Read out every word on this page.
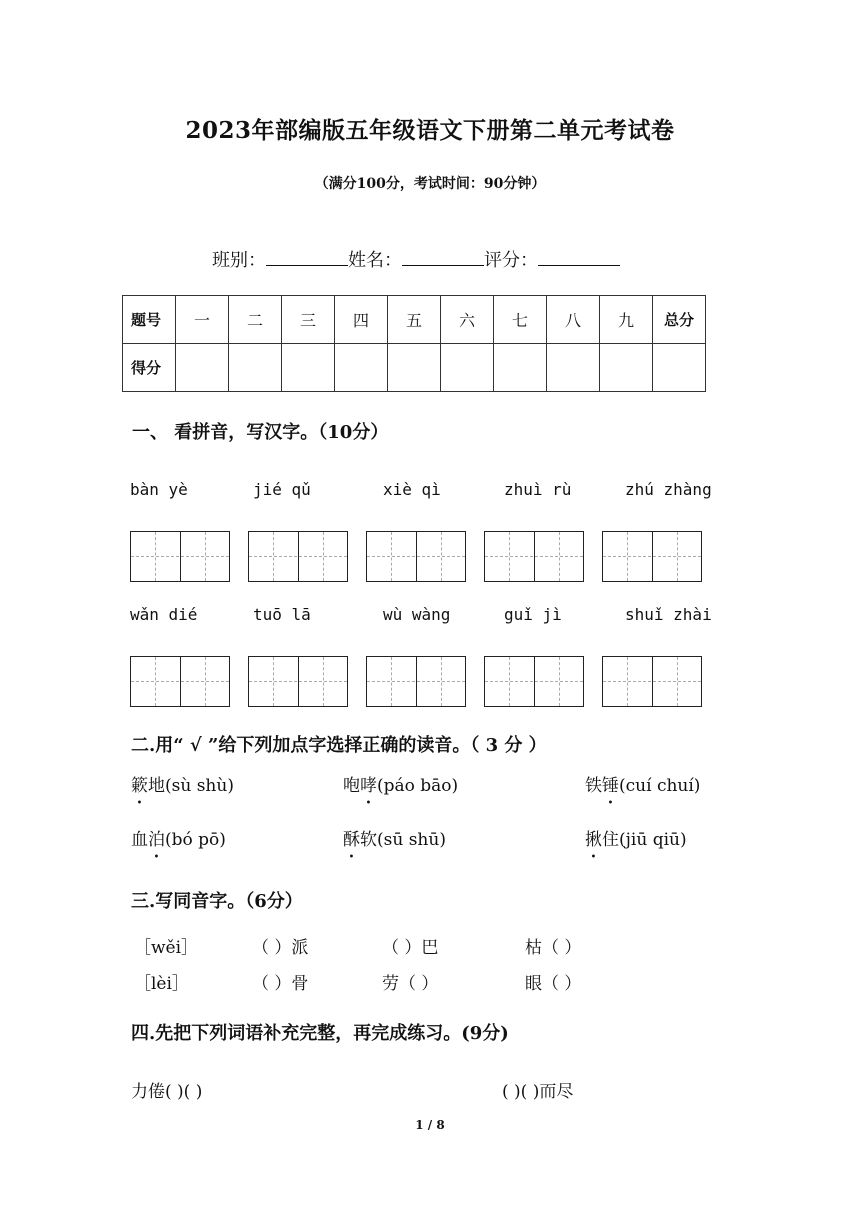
2023年部编版五年级语文下册第二单元考试卷
（满分100分，考试时间：90分钟）
班别：	姓名：	评分：
题号	一	二	三	四	五	六	七	八	九	总分
得分										
一、 看拼音，写汉字。（10分）
bàn yè	jié qǔ	xiè qì	zhuì rù	zhú zhàng
wǎn dié	tuō lā	wù wàng	guǐ jì	shuǐ zhài
二.用“ √ ”给下列加点字选择正确的读音。（ 3 分 ）
簌地(sù shù)	咆哮(páo bāo)	铁锤(cuí chuí)
血泊(bó pō)	酥软(sū shū)	揪住(jiū qiū)
三.写同音字。（6分）
［wěi］	（ ）派	（ ）巴	枯（ ）
［lèi］	（ ）骨	劳（ ）	眼（ ）
四.先把下列词语补充完整，再完成练习。(9分)
力倦( )( )	( )( )而尽
1 / 8
